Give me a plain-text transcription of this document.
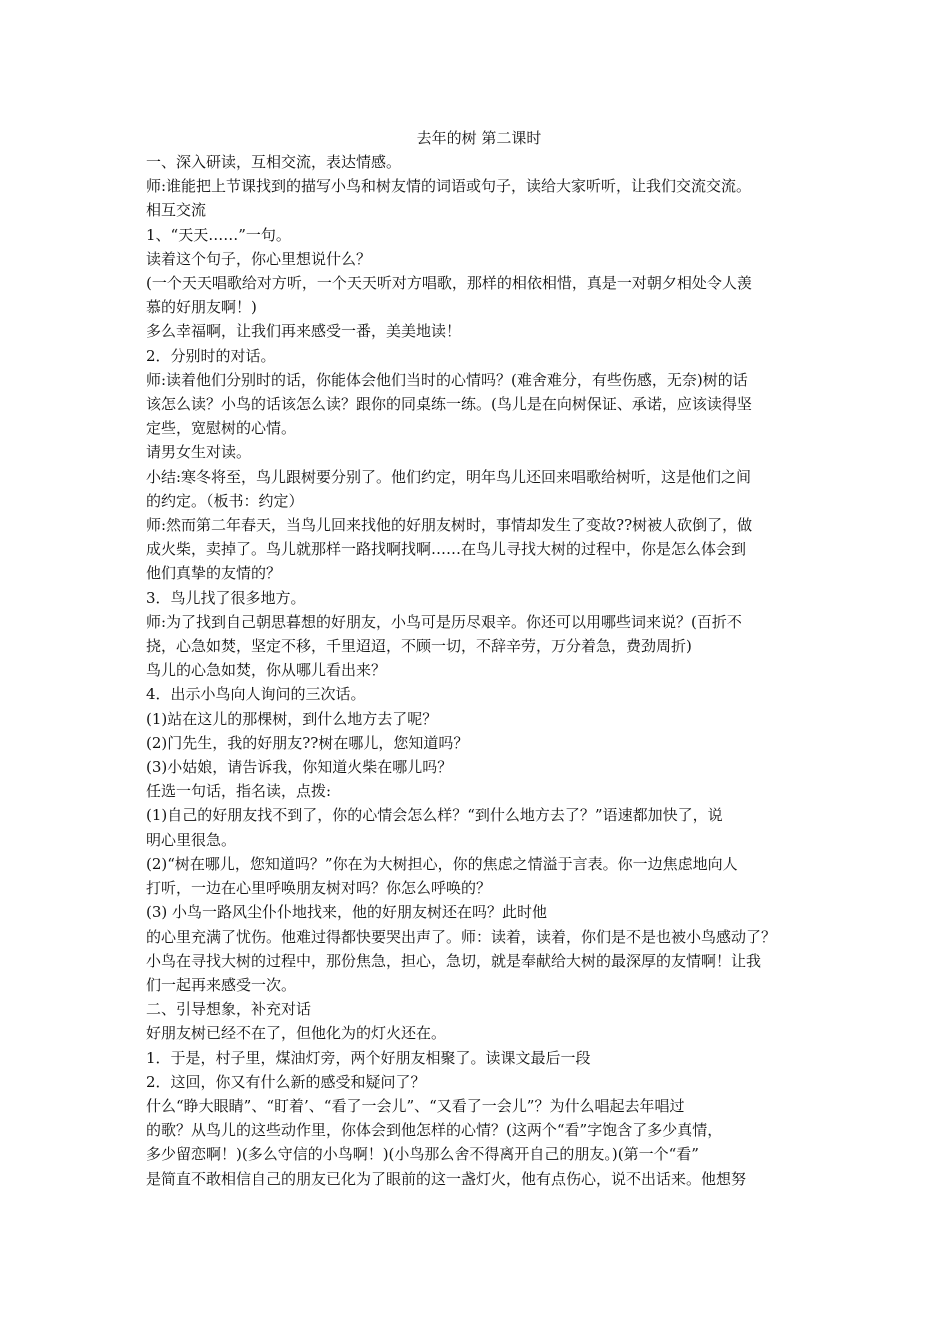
去年的树 第二课时
一、深入研读，互相交流，表达情感。
师:谁能把上节课找到的描写小鸟和树友情的词语或句子，读给大家听听，让我们交流交流。
相互交流
1、“天天……”一句。
读着这个句子，你心里想说什么？
(一个天天唱歌给对方听，一个天天听对方唱歌，那样的相依相惜，真是一对朝夕相处令人羡
慕的好朋友啊！)
多么幸福啊，让我们再来感受一番，美美地读！
2．分别时的对话。
师:读着他们分别时的话，你能体会他们当时的心情吗？(难舍难分，有些伤感，无奈)树的话
该怎么读？小鸟的话该怎么读？跟你的同桌练一练。(鸟儿是在向树保证、承诺，应该读得坚
定些，宽慰树的心情。
请男女生对读。
小结:寒冬将至，鸟儿跟树要分别了。他们约定，明年鸟儿还回来唱歌给树听，这是他们之间
的约定。（板书：约定）
师:然而第二年春天，当鸟儿回来找他的好朋友树时，事情却发生了变故??树被人砍倒了，做
成火柴，卖掉了。鸟儿就那样一路找啊找啊……在鸟儿寻找大树的过程中，你是怎么体会到
他们真挚的友情的？
3．鸟儿找了很多地方。
师:为了找到自己朝思暮想的好朋友，小鸟可是历尽艰辛。你还可以用哪些词来说？(百折不
挠，心急如焚，坚定不移，千里迢迢，不顾一切，不辞辛劳，万分着急，费劲周折)
鸟儿的心急如焚，你从哪儿看出来？
4．出示小鸟向人询问的三次话。
(1)站在这儿的那棵树，到什么地方去了呢？
(2)门先生，我的好朋友??树在哪儿，您知道吗？
(3)小姑娘，请告诉我，你知道火柴在哪儿吗？
任选一句话，指名读，点拨:
(1)自己的好朋友找不到了，你的心情会怎么样？“到什么地方去了？”语速都加快了，说
明心里很急。
(2)“树在哪儿，您知道吗？”你在为大树担心，你的焦虑之情溢于言表。你一边焦虑地向人
打听，一边在心里呼唤朋友树对吗？你怎么呼唤的？
(3) 小鸟一路风尘仆仆地找来，他的好朋友树还在吗？此时他
的心里充满了忧伤。他难过得都快要哭出声了。师：读着，读着，你们是不是也被小鸟感动了？
小鸟在寻找大树的过程中，那份焦急，担心，急切，就是奉献给大树的最深厚的友情啊！让我
们一起再来感受一次。
二、引导想象，补充对话
好朋友树已经不在了，但他化为的灯火还在。
1．于是，村子里，煤油灯旁，两个好朋友相聚了。读课文最后一段
2．这回，你又有什么新的感受和疑问了？
什么“睁大眼睛”、“盯着’、“看了一会儿”、“又看了一会儿”？为什么唱起去年唱过
的歌？从鸟儿的这些动作里，你体会到他怎样的心情？(这两个“看”字饱含了多少真情，
多少留恋啊！)(多么守信的小鸟啊！)(小鸟那么舍不得离开自己的朋友。)(第一个“看”
是简直不敢相信自己的朋友已化为了眼前的这一盏灯火，他有点伤心，说不出话来。他想努
